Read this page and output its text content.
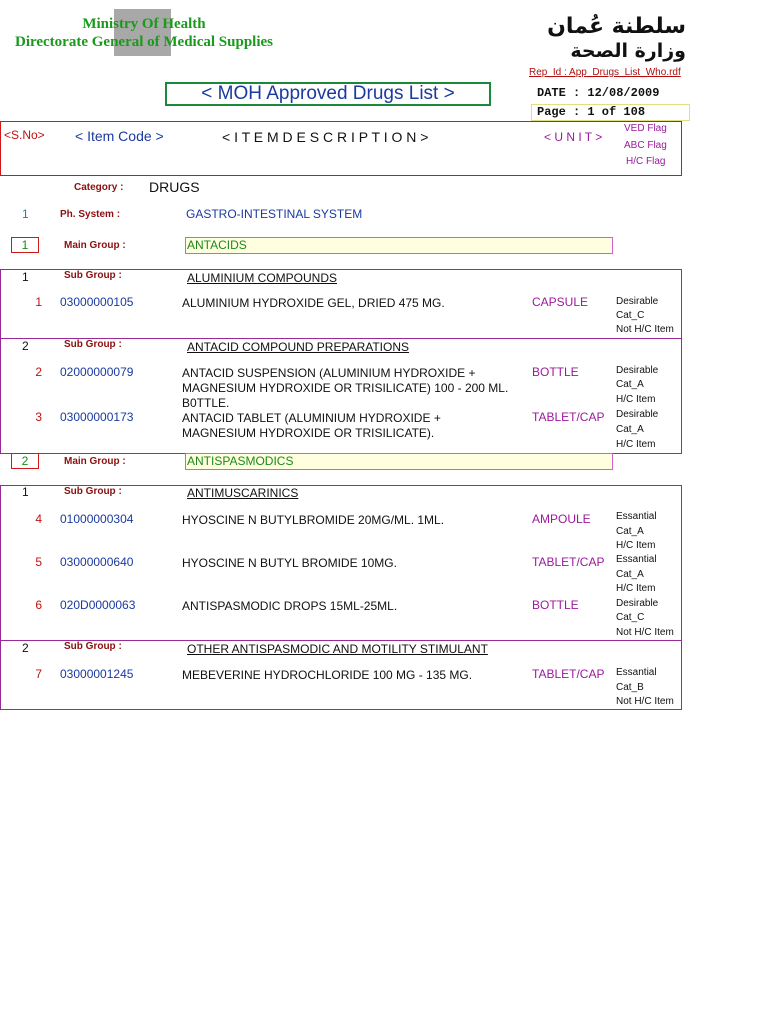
Ministry Of Health
Directorate General of Medical Supplies
سلطنة عُمان
وزارة الصحة
Rep_Id : App_Drugs_List_Who.rdf
< MOH Approved Drugs List >	DATE : 12/08/2009
Page : 1 of 108
<S.No> < Item Code >	< I T E M D E S C R I P T I O N >	< U N I T >
VED Flag
ABC Flag
H/C Flag
Category : DRUGS
1	Ph. System :	GASTRO-INTESTINAL SYSTEM
1	Main Group :	ANTACIDS
1	Sub Group :	ALUMINIUM COMPOUNDS
1 03000000105	ALUMINIUM HYDROXIDE GEL, DRIED 475 MG.	CAPSULE	Desirable
Cat_C
Not H/C Item
2	Sub Group :	ANTACID COMPOUND PREPARATIONS
2 02000000079	ANTACID SUSPENSION (ALUMINIUM HYDROXIDE + MAGNESIUM HYDROXIDE OR TRISILICATE) 100 - 200 ML. B0TTLE.
BOTTLE	Desirable
Cat_A
H/C Item
3 03000000173	ANTACID TABLET (ALUMINIUM HYDROXIDE + MAGNESIUM HYDROXIDE OR TRISILICATE).
TABLET/CAP Desirable
Cat_A
H/C Item
2	Main Group :	ANTISPASMODICS
1	Sub Group :	ANTIMUSCARINICS
4 01000000304	HYOSCINE N BUTYLBROMIDE 20MG/ML. 1ML.	AMPOULE	Essantial
Cat_A
H/C Item
5 03000000640	HYOSCINE N BUTYL BROMIDE 10MG.	TABLET/CAP Essantial
Cat_A
H/C Item
6 020D0000063	ANTISPASMODIC DROPS 15ML-25ML.	BOTTLE	Desirable
Cat_C
Not H/C Item
2	Sub Group :	OTHER ANTISPASMODIC AND MOTILITY STIMULANT
7 03000001245	MEBEVERINE HYDROCHLORIDE 100 MG - 135 MG.	TABLET/CAP Essantial
Cat_B
Not H/C Item
